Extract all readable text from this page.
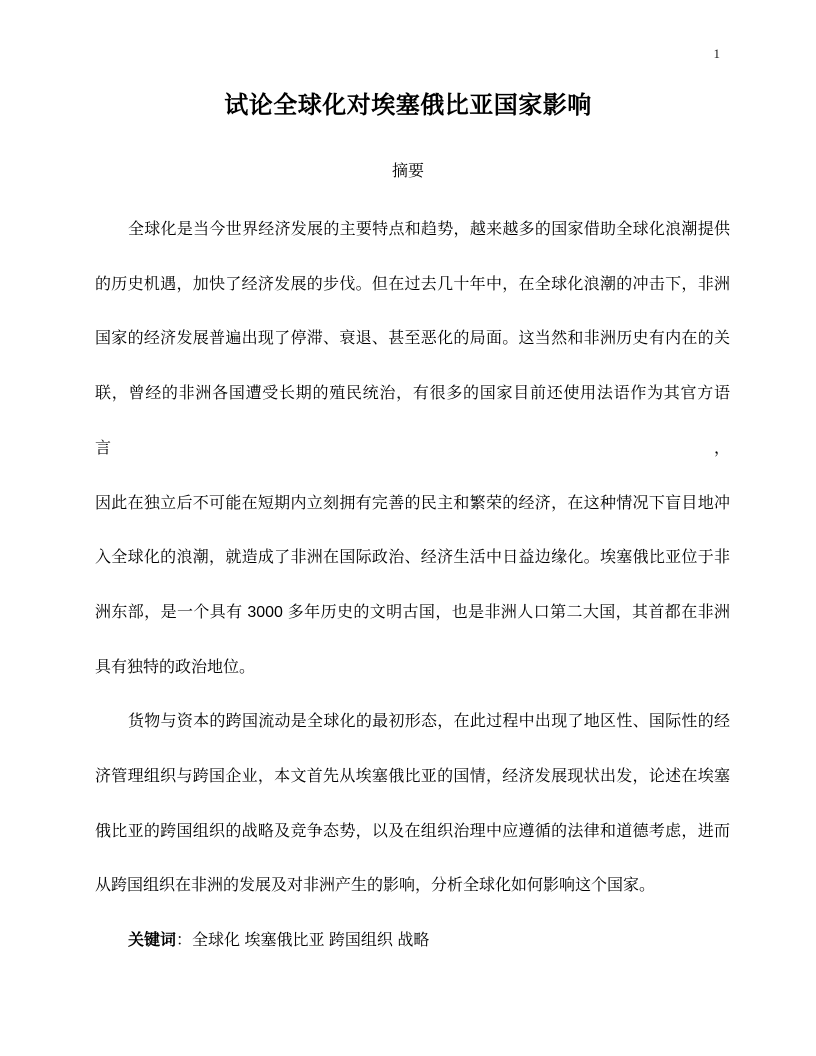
1
试论全球化对埃塞俄比亚国家影响
摘要
全球化是当今世界经济发展的主要特点和趋势，越来越多的国家借助全球化浪潮提供
的历史机遇，加快了经济发展的步伐。但在过去几十年中，在全球化浪潮的冲击下，非洲
国家的经济发展普遍出现了停滞、衰退、甚至恶化的局面。这当然和非洲历史有内在的关
联，曾经的非洲各国遭受长期的殖民统治，有很多的国家目前还使用法语作为其官方语言，
因此在独立后不可能在短期内立刻拥有完善的民主和繁荣的经济，在这种情况下盲目地冲
入全球化的浪潮，就造成了非洲在国际政治、经济生活中日益边缘化。埃塞俄比亚位于非
洲东部，是一个具有 3000 多年历史的文明古国，也是非洲人口第二大国，其首都在非洲
具有独特的政治地位。
货物与资本的跨国流动是全球化的最初形态，在此过程中出现了地区性、国际性的经
济管理组织与跨国企业，本文首先从埃塞俄比亚的国情，经济发展现状出发，论述在埃塞
俄比亚的跨国组织的战略及竞争态势，以及在组织治理中应遵循的法律和道德考虑，进而
从跨国组织在非洲的发展及对非洲产生的影响，分析全球化如何影响这个国家。
关键词：全球化 埃塞俄比亚 跨国组织 战略
